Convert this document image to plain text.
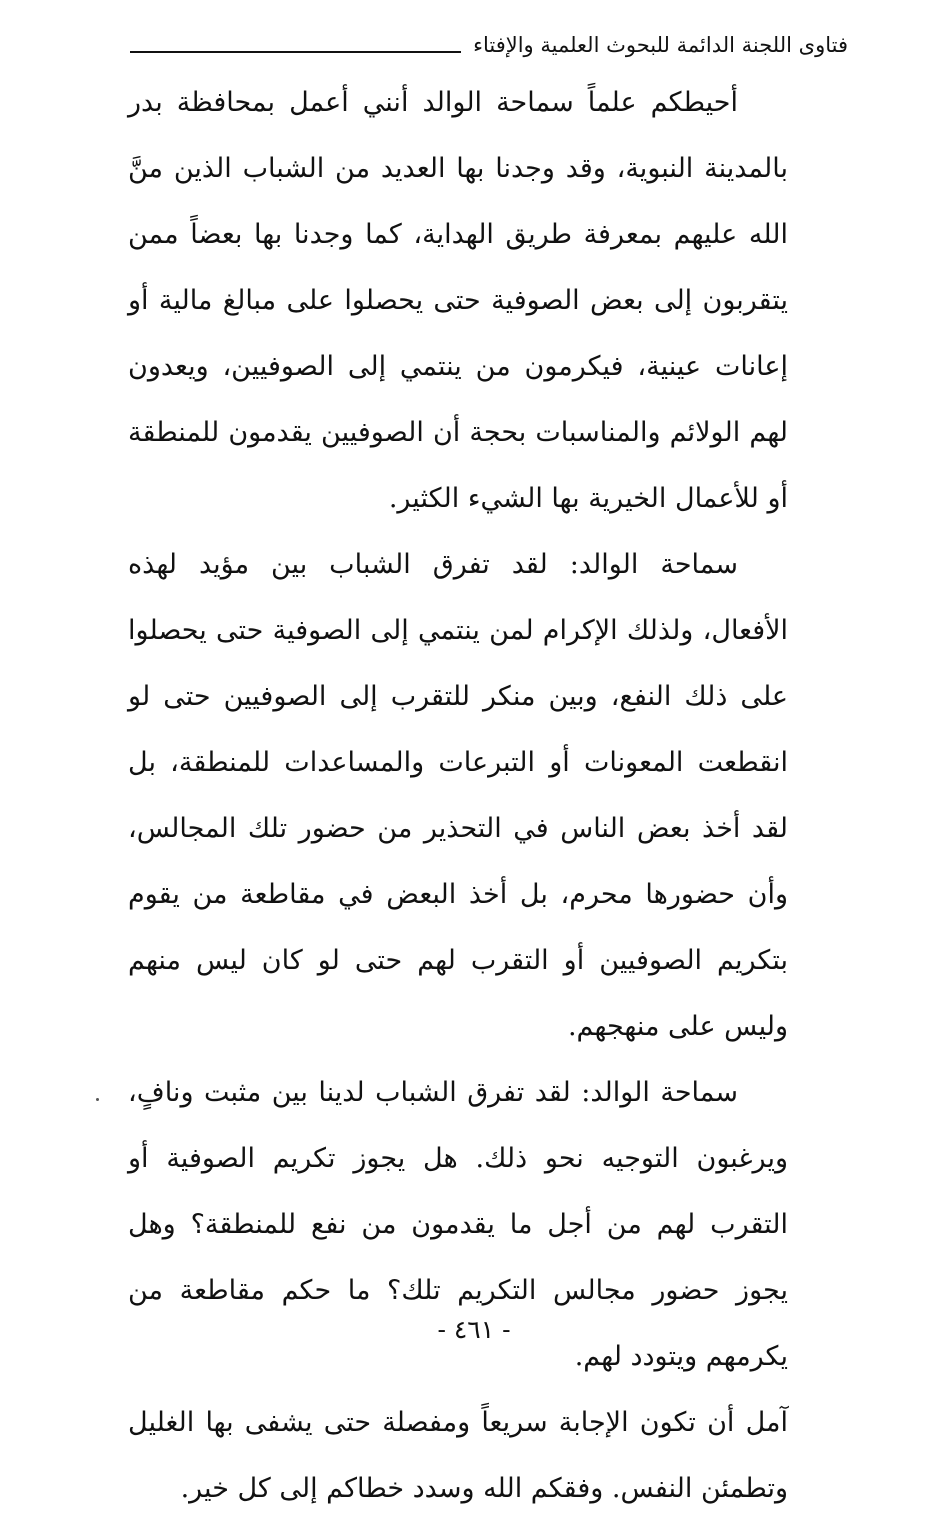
فتاوى اللجنة الدائمة للبحوث العلمية والإفتاء

أحيطكم علماً سماحة الوالد أنني أعمل بمحافظة بدر بالمدينة النبوية، وقد وجدنا بها العديد من الشباب الذين منَّ الله عليهم بمعرفة طريق الهداية، كما وجدنا بها بعضاً ممن يتقربون إلى بعض الصوفية حتى يحصلوا على مبالغ مالية أو إعانات عينية، فيكرمون من ينتمي إلى الصوفيين، ويعدون لهم الولائم والمناسبات بحجة أن الصوفيين يقدمون للمنطقة أو للأعمال الخيرية بها الشيء الكثير.

سماحة الوالد: لقد تفرق الشباب بين مؤيد لهذه الأفعال، ولذلك الإكرام لمن ينتمي إلى الصوفية حتى يحصلوا على ذلك النفع، وبين منكر للتقرب إلى الصوفيين حتى لو انقطعت المعونات أو التبرعات والمساعدات للمنطقة، بل لقد أخذ بعض الناس في التحذير من حضور تلك المجالس، وأن حضورها محرم، بل أخذ البعض في مقاطعة من يقوم بتكريم الصوفيين أو التقرب لهم حتى لو كان ليس منهم وليس على منهجهم.

سماحة الوالد: لقد تفرق الشباب لدينا بين مثبت ونافٍ، ويرغبون التوجيه نحو ذلك. هل يجوز تكريم الصوفية أو التقرب لهم من أجل ما يقدمون من نفع للمنطقة؟ وهل يجوز حضور مجالس التكريم تلك؟ ما حكم مقاطعة من يكرمهم ويتودد لهم.

آمل أن تكون الإجابة سريعاً ومفصلة حتى يشفى بها الغليل وتطمئن النفس. وفقكم الله وسدد خطاكم إلى كل خير.

- ٤٦١ -
